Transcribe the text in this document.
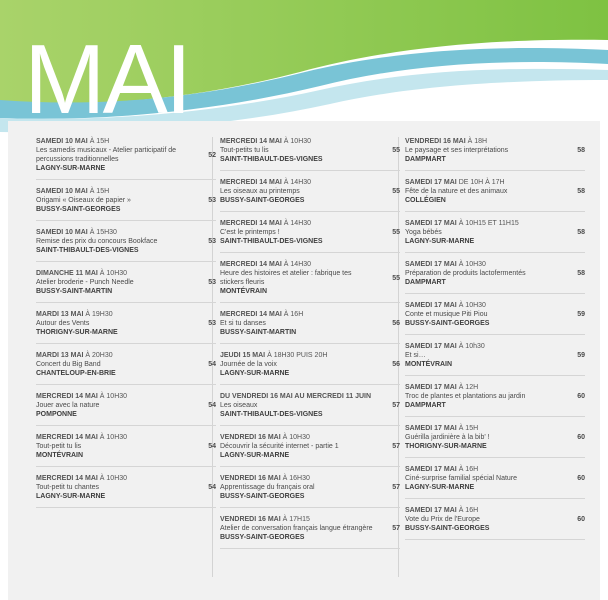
MAI
SAMEDI 10 MAI À 15H
Les samedis musicaux - Atelier participatif de percussions traditionnelles
LAGNY-SUR-MARNE
52
SAMEDI 10 MAI À 15H
Origami « Oiseaux de papier »
BUSSY-SAINT-GEORGES
53
SAMEDI 10 MAI À 15H30
Remise des prix du concours Bookface
SAINT-THIBAULT-DES-VIGNES
53
DIMANCHE 11 MAI À 10H30
Atelier broderie - Punch Needle
BUSSY-SAINT-MARTIN
53
MARDI 13 MAI À 19H30
Autour des Vents
THORIGNY-SUR-MARNE
53
MARDI 13 MAI À 20H30
Concert du Big Band
CHANTELOUP-EN-BRIE
54
MERCREDI 14 MAI À 10H30
Jouer avec la nature
POMPONNE
54
MERCREDI 14 MAI À 10H30
Tout-petit tu lis
MONTÉVRAIN
54
MERCREDI 14 MAI À 10H30
Tout-petit tu chantes
LAGNY-SUR-MARNE
54
MERCREDI 14 MAI À 10H30
Tout-petits tu lis
SAINT-THIBAULT-DES-VIGNES
55
MERCREDI 14 MAI À 14H30
Les oiseaux au printemps
BUSSY-SAINT-GEORGES
55
MERCREDI 14 MAI À 14H30
C'est le printemps !
SAINT-THIBAULT-DES-VIGNES
55
MERCREDI 14 MAI À 14H30
Heure des histoires et atelier : fabrique tes stickers fleuris
MONTÉVRAIN
55
MERCREDI 14 MAI À 16H
Et si tu danses
BUSSY-SAINT-MARTIN
56
JEUDI 15 MAI À 18H30 PUIS 20H
Journée de la voix
LAGNY-SUR-MARNE
56
DU VENDREDI 16 MAI AU MERCREDI 11 JUIN
Les oiseaux
SAINT-THIBAULT-DES-VIGNES
57
VENDREDI 16 MAI À 10H30
Découvrir la sécurité internet - partie 1
LAGNY-SUR-MARNE
57
VENDREDI 16 MAI À 16H30
Apprentissage du français oral
BUSSY-SAINT-GEORGES
57
VENDREDI 16 MAI À 17H15
Atelier de conversation français langue étrangère
BUSSY-SAINT-GEORGES
57
VENDREDI 16 MAI À 18H
Le paysage et ses interprétations
DAMPMART
58
SAMEDI 17 MAI DE 10H À 17H
Fête de la nature et des animaux
COLLÉGIEN
58
SAMEDI 17 MAI À 10H15 ET 11H15
Yoga bébés
LAGNY-SUR-MARNE
58
SAMEDI 17 MAI À 10H30
Préparation de produits lactofermentés
DAMPMART
58
SAMEDI 17 MAI À 10H30
Conte et musique Piti Piou
BUSSY-SAINT-GEORGES
59
SAMEDI 17 MAI À 10h30
Et si…
MONTÉVRAIN
59
SAMEDI 17 MAI À 12H
Troc de plantes et plantations au jardin
DAMPMART
60
SAMEDI 17 MAI À 15H
Guérilla jardinière à la bib' !
THORIGNY-SUR-MARNE
60
SAMEDI 17 MAI À 16H
Ciné-surprise familial spécial Nature
LAGNY-SUR-MARNE
60
SAMEDI 17 MAI À 16H
Vote du Prix de l'Europe
BUSSY-SAINT-GEORGES
60
